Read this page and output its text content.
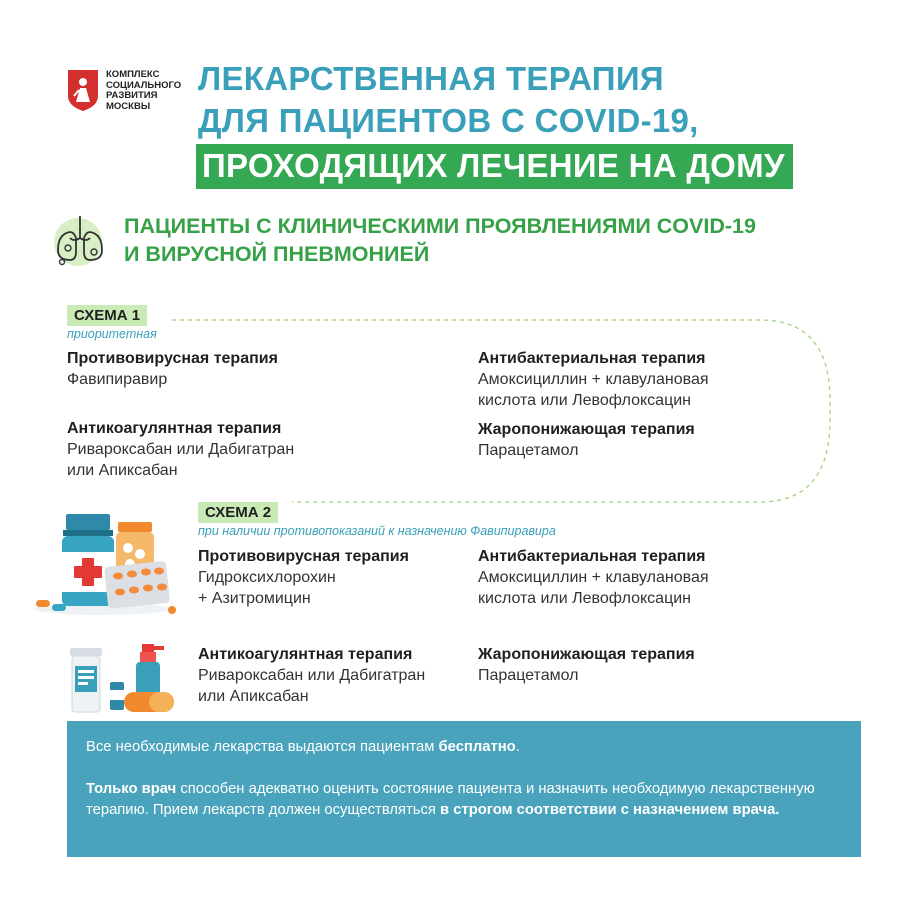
КОМПЛЕКС
СОЦИАЛЬНОГО
РАЗВИТИЯ
МОСКВЫ
ЛЕКАРСТВЕННАЯ ТЕРАПИЯ
ДЛЯ ПАЦИЕНТОВ С COVID-19,
ПРОХОДЯЩИХ ЛЕЧЕНИЕ НА ДОМУ
ПАЦИЕНТЫ С КЛИНИЧЕСКИМИ ПРОЯВЛЕНИЯМИ COVID-19
И ВИРУСНОЙ ПНЕВМОНИЕЙ
СХЕМА 1
приоритетная
Противовирусная терапия
Фавипиравир
Антибактериальная терапия
Амоксициллин + клавулановая
кислота или Левофлоксацин
Антикоагулянтная терапия
Ривароксабан или Дабигатран
или Апиксабан
Жаропонижающая терапия
Парацетамол
СХЕМА 2
при наличии противопоказаний к назначению Фавипиравира
Противовирусная терапия
Гидроксихлорохин
+ Азитромицин
Антибактериальная терапия
Амоксициллин + клавулановая
кислота или Левофлоксацин
Антикоагулянтная терапия
Ривароксабан или Дабигатран
или Апиксабан
Жаропонижающая терапия
Парацетамол
Все необходимые лекарства выдаются пациентам бесплатно.
Только врач способен адекватно оценить состояние пациента и назначить необходимую лекарственную терапию. Прием лекарств должен осуществляться в строгом соответствии с назначением врача.
